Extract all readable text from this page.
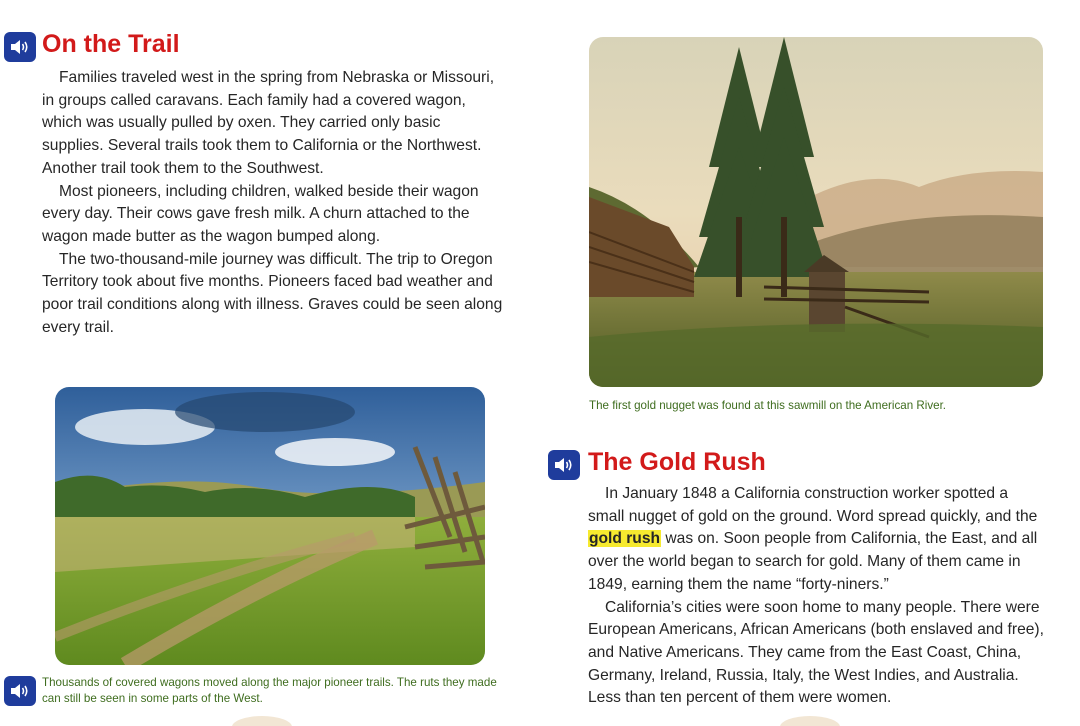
On the Trail

Families traveled west in the spring from Nebraska or Missouri, in groups called caravans. Each family had a covered wagon, which was usually pulled by oxen. They carried only basic supplies. Several trails took them to California or the Northwest. Another trail took them to the Southwest.

Most pioneers, including children, walked beside their wagon every day. Their cows gave fresh milk. A churn attached to the wagon made butter as the wagon bumped along.

The two-thousand-mile journey was difficult. The trip to Oregon Territory took about five months. Pioneers faced bad weather and poor trail conditions along with illness. Graves could be seen along every trail.

Thousands of covered wagons moved along the major pioneer trails. The ruts they made can still be seen in some parts of the West.
The first gold nugget was found at this sawmill on the American River.
The Gold Rush

In January 1848 a California construction worker spotted a small nugget of gold on the ground. Word spread quickly, and the gold rush was on. Soon people from California, the East, and all over the world began to search for gold. Many of them came in 1849, earning them the name “forty-niners.”

California’s cities were soon home to many people. There were European Americans, African Americans (both enslaved and free), and Native Americans. They came from the East Coast, China, Germany, Ireland, Russia, Italy, the West Indies, and Australia. Less than ten percent of them were women.
